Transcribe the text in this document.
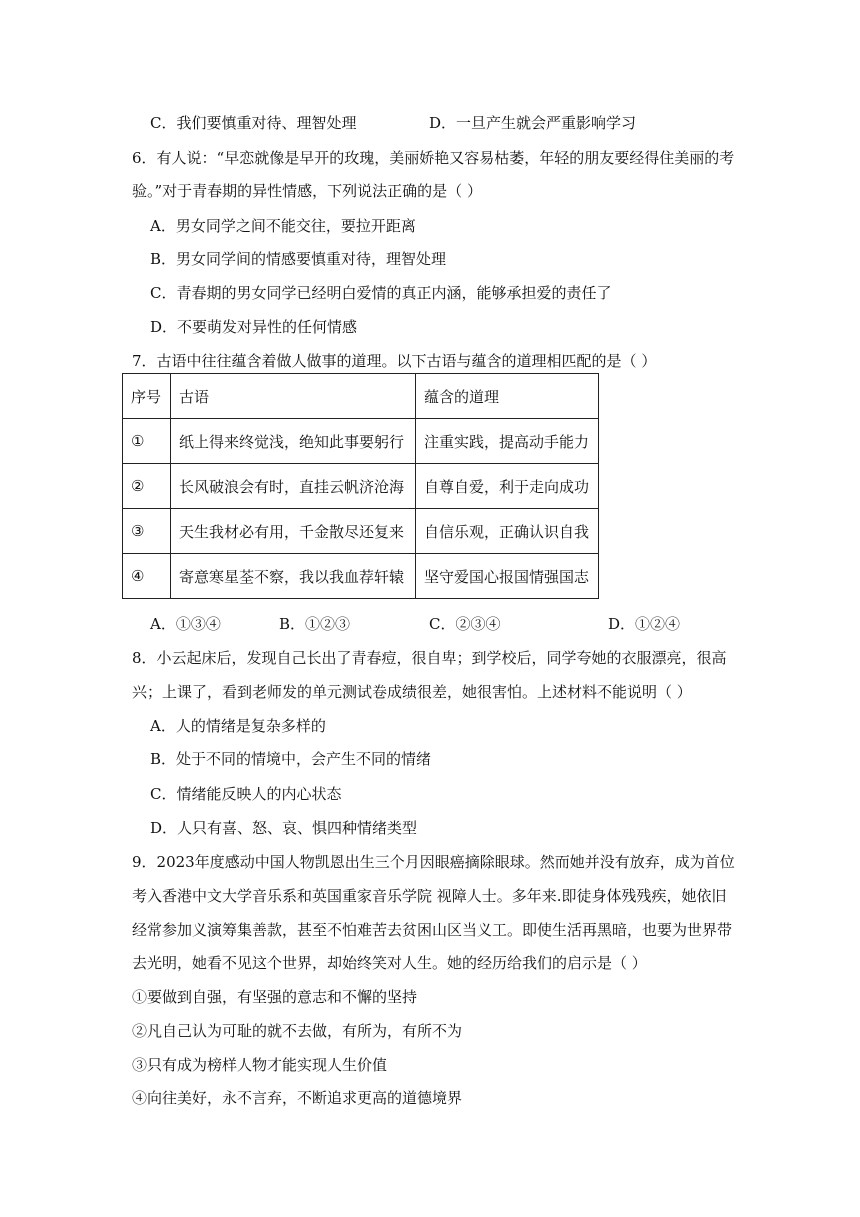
C．我们要慎重对待、理智处理	D．一旦产生就会严重影响学习
6．有人说：“早恋就像是早开的玫瑰，美丽娇艳又容易枯萎，年轻的朋友要经得住美丽的考
验。”对于青春期的异性情感，下列说法正确的是（ ）
A．男女同学之间不能交往，要拉开距离
B．男女同学间的情感要慎重对待，理智处理
C．青春期的男女同学已经明白爱情的真正内涵，能够承担爱的责任了
D．不要萌发对异性的任何情感
7．古语中往往蕴含着做人做事的道理。以下古语与蕴含的道理相匹配的是（ ）
序号	古语	蕴含的道理
①	纸上得来终觉浅，绝知此事要躬行	注重实践，提高动手能力
②	长风破浪会有时，直挂云帆济沧海	自尊自爱，利于走向成功
③	天生我材必有用，千金散尽还复来	自信乐观，正确认识自我
④	寄意寒星荃不察，我以我血荐轩辕	坚守爱国心报国情强国志
A．①③④	B．①②③	C．②③④	D．①②④
8．小云起床后，发现自己长出了青春痘，很自卑；到学校后，同学夸她的衣服漂亮，很高
兴；上课了，看到老师发的单元测试卷成绩很差，她很害怕。上述材料不能说明（ ）
A．人的情绪是复杂多样的
B．处于不同的情境中，会产生不同的情绪
C．情绪能反映人的内心状态
D．人只有喜、怒、哀、惧四种情绪类型
9．2023年度感动中国人物凯恩出生三个月因眼癌摘除眼球。然而她并没有放弃，成为首位
考入香港中文大学音乐系和英国重家音乐学院 视障人士。多年来.即徒身体残残疾，她依旧
经常参加义演筹集善款，甚至不怕难苦去贫困山区当义工。即使生活再黑暗，也要为世界带
去光明，她看不见这个世界，却始终笑对人生。她的经历给我们的启示是（ ）
①要做到自强，有坚强的意志和不懈的坚持
②凡自己认为可耻的就不去做，有所为，有所不为
③只有成为榜样人物才能实现人生价值
④向往美好，永不言弃，不断追求更高的道德境界
